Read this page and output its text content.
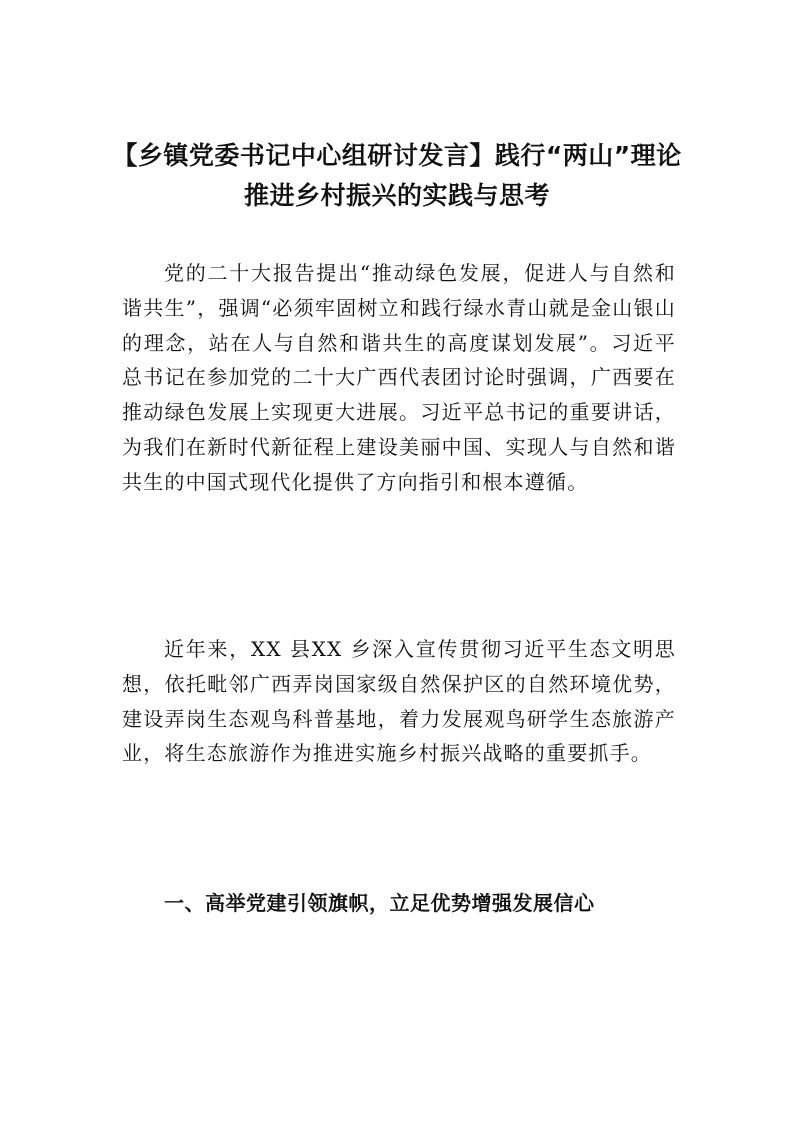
【乡镇党委书记中心组研讨发言】践行“两山”理论推进乡村振兴的实践与思考

党的二十大报告提出“推动绿色发展，促进人与自然和谐共生”，强调“必须牢固树立和践行绿水青山就是金山银山的理念，站在人与自然和谐共生的高度谋划发展”。习近平总书记在参加党的二十大广西代表团讨论时强调，广西要在推动绿色发展上实现更大进展。习近平总书记的重要讲话，为我们在新时代新征程上建设美丽中国、实现人与自然和谐共生的中国式现代化提供了方向指引和根本遵循。

近年来，XX 县XX 乡深入宣传贯彻习近平生态文明思想，依托毗邻广西弄岗国家级自然保护区的自然环境优势，建设弄岗生态观鸟科普基地，着力发展观鸟研学生态旅游产业，将生态旅游作为推进实施乡村振兴战略的重要抓手。

一、高举党建引领旗帜，立足优势增强发展信心
